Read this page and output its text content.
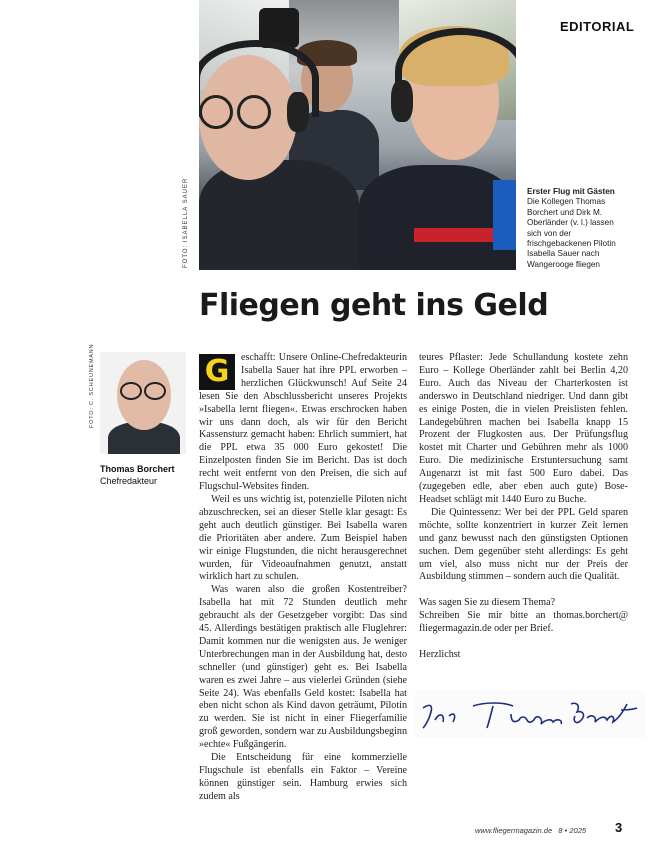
FOTO: ISABELLA SAUER
EDITORIAL
Erster Flug mit Gästen Die Kollegen Thomas Borchert und Dirk M. Oberländer (v. l.) lassen sich von der frischgebackenen Pilotin Isabella Sauer nach Wangerooge fliegen
Fliegen geht ins Geld
FOTO: C. SCHEUNEMANN
Thomas Borchert
Chefredakteur

G	eschafft: Unsere Online-Chefredakteurin Isabella Sauer hat ihre PPL erworben – herzlichen Glückwunsch! Auf Seite 24 lesen Sie den Abschlussbericht unseres Projekts »Isabella lernt fliegen«. Etwas erschrocken haben wir uns dann doch, als wir für den Bericht Kassensturz gemacht haben: Ehrlich summiert, hat die PPL etwa 35 000 Euro gekostet! Die Einzelposten finden Sie im Bericht. Das ist doch recht weit entfernt von den Preisen, die sich auf Flugschul-Websites finden.

Weil es uns wichtig ist, potenzielle Piloten nicht abzuschrecken, sei an dieser Stelle klar gesagt: Es geht auch deutlich günstiger. Bei Isabella waren die Prioritäten aber andere. Zum Beispiel haben wir einige Flugstunden, die nicht herausgerechnet wurden, für Videoaufnahmen genutzt, anstatt wirklich hart zu schulen.

Was waren also die großen Kostentreiber? Isabella hat mit 72 Stunden deutlich mehr gebraucht als der Gesetzgeber vorgibt: Das sind 45. Allerdings bestätigen praktisch alle Fluglehrer: Damit kommen nur die wenigsten aus. Je weniger Unterbrechungen man in der Ausbildung hat, desto schneller (und günstiger) geht es. Bei Isabella waren es zwei Jahre – aus vielerlei Gründen (siehe Seite 24). Was ebenfalls Geld kostet: Isabella hat eben nicht schon als Kind davon geträumt, Pilotin zu werden. Sie ist nicht in einer Fliegerfamilie groß geworden, sondern war zu Ausbildungsbeginn »echte« Fußgängerin.

Die Entscheidung für eine kommerzielle Flugschule ist ebenfalls ein Faktor – Vereine können günstiger sein. Hamburg erwies sich zudem als

teures Pflaster: Jede Schullandung kostete zehn Euro – Kollege Oberländer zahlt bei Berlin 4,20 Euro. Auch das Niveau der Charterkosten ist anderswo in Deutschland niedriger. Und dann gibt es einige Posten, die in vielen Preislisten fehlen. Landegebühren machen bei Isabella knapp 15 Prozent der Flugkosten aus. Der Prüfungsflug kostet mit Charter und Gebühren mehr als 1000 Euro. Die medizinische Erstuntersuchung samt Augenarzt ist mit fast 500 Euro dabei. Das (zugegeben edle, aber eben auch gute) Bose-Headset schlägt mit 1440 Euro zu Buche.

Die Quintessenz: Wer bei der PPL Geld sparen möchte, sollte konzentriert in kurzer Zeit lernen und ganz bewusst nach den günstigsten Optionen suchen. Dem gegenüber steht allerdings: Es geht um viel, also muss nicht nur der Preis der Ausbildung stimmen – sondern auch die Qualität.

Was sagen Sie zu diesem Thema?

Schreiben Sie mir bitte an thomas.borchert@ fliegermagazin.de oder per Brief.

Herzlichst

www.fliegermagazin.de 8 • 2025 3
